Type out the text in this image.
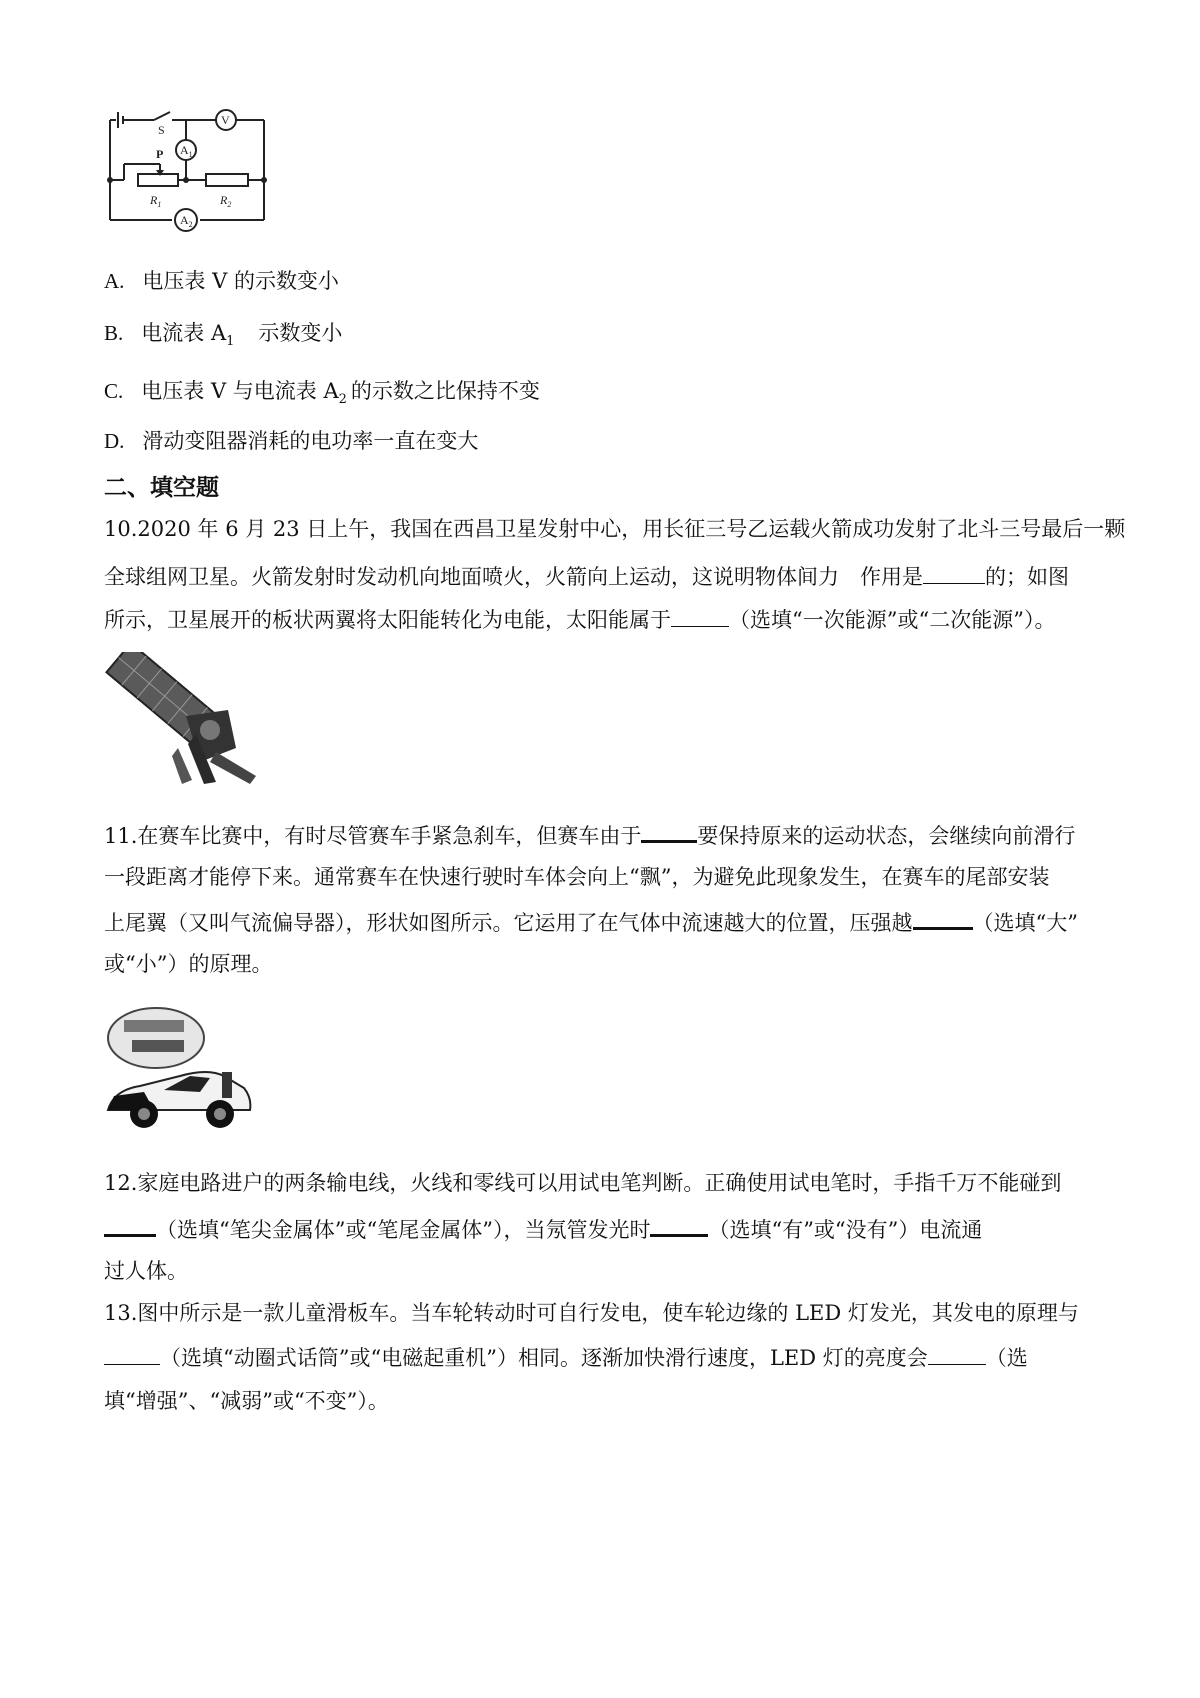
S
P
V
$A_1$
$A_2$
$R_1$	$R_2$
A. 电压表 V 的示数变小
B. 电流表 $A_1$ 示数变小
C. 电压表 V 与电流表 $A_2$ 的示数之比保持不变
D. 滑动变阻器消耗的电功率一直在变大
二、填空题
10.2020 年 6 月 23 日上午，我国在西昌卫星发射中心，用长征三号乙运载火箭成功发射了北斗三号最后一颗
全球组网卫星。火箭发射时发动机向地面喷火，火箭向上运动，这说明物体间力　作用是	的；如图
所示，卫星展开的板状两翼将太阳能转化为电能，太阳能属于	（选填“一次能源”或“二次能源”）。
11.在赛车比赛中，有时尽管赛车手紧急刹车，但赛车由于	要保持原来的运动状态，会继续向前滑行
一段距离才能停下来。通常赛车在快速行驶时车体会向上“飘”，为避免此现象发生，在赛车的尾部安装
上尾翼（又叫气流偏导器），形状如图所示。它运用了在气体中流速越大的位置，压强越	（选填“大”
或“小”）的原理。
12.家庭电路进户的两条输电线，火线和零线可以用试电笔判断。正确使用试电笔时，手指千万不能碰到
（选填“笔尖金属体”或“笔尾金属体”），当氖管发光时	（选填“有”或“没有”）电流通
过人体。
13.图中所示是一款儿童滑板车。当车轮转动时可自行发电，使车轮边缘的 LED 灯发光，其发电的原理与
（选填“动圈式话筒”或“电磁起重机”）相同。逐渐加快滑行速度，LED 灯的亮度会	（选
填“增强”、“减弱”或“不变”）。
